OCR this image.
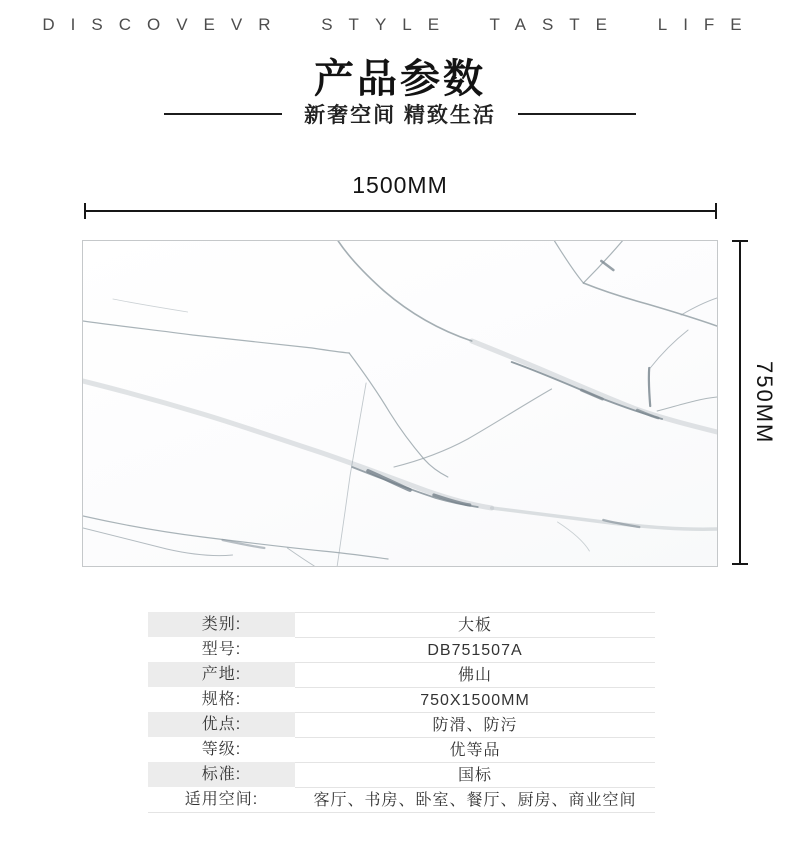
DISCOVEVR STYLE TASTE LIFE
产品参数
新奢空间 精致生活
1500MM
750MM
类别:	大板
型号:	DB751507A
产地:	佛山
规格:	750X1500MM
优点:	防滑、防污
等级:	优等品
标准:	国标
适用空间:	客厅、书房、卧室、餐厅、厨房、商业空间
